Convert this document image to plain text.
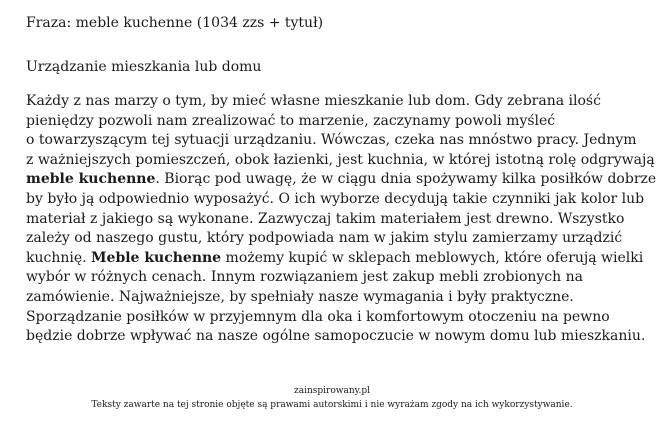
Fraza: meble kuchenne (1034 zzs + tytuł)
Urządzanie mieszkania lub domu
Każdy z nas marzy o tym, by mieć własne mieszkanie lub dom. Gdy zebrana ilość
pieniędzy pozwoli nam zrealizować to marzenie, zaczynamy powoli myśleć
o towarzyszącym tej sytuacji urządzaniu. Wówczas, czeka nas mnóstwo pracy. Jednym
z ważniejszych pomieszczeń, obok łazienki, jest kuchnia, w której istotną rolę odgrywają
meble kuchenne. Biorąc pod uwagę, że w ciągu dnia spożywamy kilka posiłków dobrze
by było ją odpowiednio wyposażyć. O ich wyborze decydują takie czynniki jak kolor lub
materiał z jakiego są wykonane. Zazwyczaj takim materiałem jest drewno. Wszystko
zależy od naszego gustu, który podpowiada nam w jakim stylu zamierzamy urządzić
kuchnię. Meble kuchenne możemy kupić w sklepach meblowych, które oferują wielki
wybór w różnych cenach. Innym rozwiązaniem jest zakup mebli zrobionych na
zamówienie. Najważniejsze, by spełniały nasze wymagania i były praktyczne.
Sporządzanie posiłków w przyjemnym dla oka i komfortowym otoczeniu na pewno
będzie dobrze wpływać na nasze ogólne samopoczucie w nowym domu lub mieszkaniu.
zainspirowany.pl
Teksty zawarte na tej stronie objęte są prawami autorskimi i nie wyrażam zgody na ich wykorzystywanie.
